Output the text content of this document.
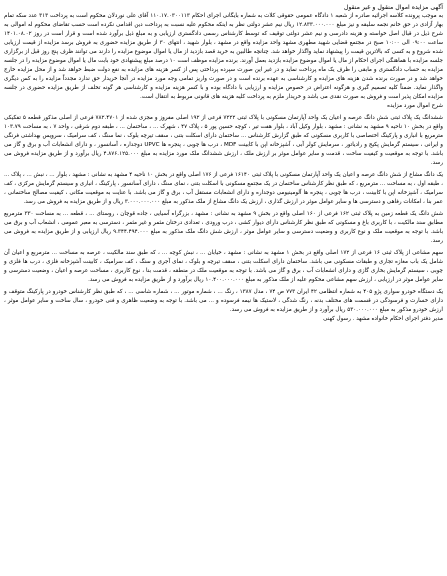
آگهی مزایده اموال منقول و غیر منقول

به موجب پرونده کلاسه اجرائیه صادره از شعبه ۱ دادگاه عمومی حقوقی کلات به شماره بایگانی اجرای احکام ۱۱۰.۱۷.۰۳۰۰۱۱۳ آقای علی نوردلان محکوم است به پرداخت ۳۱۳ عدد سکه تمام بهار آزادی در حق خانم نجمه سلیقه و نیز مبلغ ۱۲.۸۳۳.۰۰۰.۰۰۰ ریال نیم عشر دولتی نظر به اینکه محکوم علیه نسبت به پرداخت دین اقدامی نکرده است حسب تقاضای محکوم له اموالی به شرح ذیل در قبال اصل خواسته و هزینه دادرسی و نیم عشر دولتی توقیف که توسط کارشناس رسمی دادگستری ارزیابی و به مبلغ ذیل برآورد شده است و قرار است در روز ۱۴۰۱.۰۸.۰۲ ساعت ۰۹:۰۰ الی ۱۰:۰۰ صبح در مجتمع قضایی شهید مطهری مشهد واحد مزایده واقع در مشهد ، بلوار شهید ، انتهای ۳۰ از طریق مزایده حضوری به فروش برسد مزایده از قیمت ارزیابی شده شروع و به کسی که بالاترین قیمت را پیشنهاد نماید واگذار خواهد شد. چنانچه طالبین به خرید قصد بازدید از مال یا اموال موضوع مزایده را دارند می توانند ظرف پنج روز قبل از برگزاری جلسه مزایده با هماهنگی اجرای احکام از مال یا اموال موضوع مزایده بازدید بعمل آورند. برنده مزایده موظف است ۱۰ درصد مبلغ پیشنهادی خود بابت مال یا اموال موضوع مزایده را در جلسه مزایده به حساب دادگستری و مابقی را ظرف یک ماه پرداخت نماید و در غیر این صورت سپرده پرداختی پس از کسر هزینه های مزایده به نفع دولت ضبط خواهد شد و از محل مزایده خارج خواهد شد و در صورت برنده شدن هزینه های مزایده و کارشناسی به عهده برنده است و در صورت واریز تمامی وجه مورد مزایده در آنجا خریدار حق ندارد مجدداً مزایده را به کس دیگری واگذار نماید. ضمناً کلیه تصمیم گیری و هرگونه اعتراض در خصوص مزایده و ارزیابی با دادگاه بوده و با کسر هزینه مزایده و کارشناسی هر گونه تخلف از طریق مزایده حضوری در جلسه مزایده امکان پذیر است و فروش به صورت نقدی می باشد و خریدار ملزم به پرداخت کلیه هزینه های قانونی مربوط به انتقال است.

شرح اموال مورد مزایده

ششدانگ یک پلاک ثبتی شش دانگ عرصه و اعیان یک واحد آپارتمان مسکونی با پلاک ثبتی ۷۲۲۲ فرعی از ۱۹۲ اصلی مفروز و مجزی شده از ۷۸۲.۴۷۰۱ فرعی از اصلی مذکور قطعه ۵ تفکیکی واقع در بخش ۱۰ ناحیه ۹ مشهد به نشانی : مشهد ، بلوار وکیل آباد ، بلوار هفت تیر ، کوچه حسین پور ۵ ، پلاک ۴۷ ، شهرک ... ، ساختمان ... ، طبقه دوم شرقی ، واحد ۷ ، به مساحت ۱۰۳.۷۹ مترمربع با انباری و پارکینگ اختصاصی با کاربری مسکونی که طبق گزارش کارشناس ... ساختمان دارای اسکلت بتنی ، سقف تیرچه بلوک ، نما سنگ ، کف سرامیک ، سرویس بهداشتی فرنگی و ایرانی ، سیستم گرمایش پکیج و رادیاتور ، سرمایش کولر آبی ، آشپزخانه اپن با کابینت MDF ، درب ها چوبی ، پنجره ها UPVC دوجداره ، آسانسور ، و دارای انشعابات آب و برق و گاز می باشد. با توجه به موقعیت و کیفیت ساخت ، قدمت و سایر عوامل موثر بر ارزش ملک ، ارزش ششدانگ ملک مورد مزایده به مبلغ ۴.۸۷۶.۱۲۵.۰۰۰ ریال برآورد و از طریق مزایده فروش می رسد.

یک دانگ مشاع از شش دانگ عرصه و اعیان یک واحد آپارتمان مسکونی با پلاک ثبتی ۱۶۱۴۰ فرعی از ۱۷۶ اصلی واقع در بخش ۱۰ ناحیه ۴ مشهد به نشانی : مشهد ، بلوار ... ، نبش ... ، پلاک ... ، طبقه اول ، به مساحت ... مترمربع ، که طبق نظر کارشناس ساختمان در یک مجتمع مسکونی با اسکلت بتنی ، نمای سنگ ، دارای آسانسور ، پارکینگ ، انباری و سیستم گرمایش مرکزی ، کف سرامیک ، آشپزخانه اپن با کابینت ، درب ها چوبی ، پنجره ها آلومینیومی دوجداره و دارای انشعابات مستقل آب ، برق و گاز می باشد. با عنایت به موقعیت مکانی ، کیفیت مصالح ساختمانی ، عمر بنا ، امکانات رفاهی و دسترسی ها و سایر عوامل موثر در ارزش گذاری ، ارزش یک دانگ مشاع از ملک مذکور به مبلغ ۳.۰۰۰.۰۰۰.۰۰۰ ریال و از طریق مزایده به فروش می رسد.

شش دانگ یک قطعه زمین به پلاک ثبتی ۱۶۲ فرعی از ۱۶۰ اصلی واقع در بخش ۹ مشهد به نشانی : مشهد ، بزرگراه آسیایی ، جاده قوچان ، روستای ... ، قطعه ... به مساحت ۳۳۰ مترمربع مطابق سند مالکیت ، با کاربری باغ و مسکونی که طبق نظر کارشناس دارای دیوار کشی ، درب ورودی ، تعدادی درختان مثمر و غیر مثمر ، دسترسی به معبر عمومی ، انشعاب آب و برق می باشد. با توجه به موقعیت ملک و نوع کاربری و وضعیت دسترسی و سایر عوامل موثر ، ارزش شش دانگ ملک مذکور به مبلغ ۹.۳۴۴.۴۹۴.۰۰۰ ریال ارزیابی و از طریق مزایده به فروش می رسد.

سهم مشاعی از پلاک ثبتی ۱۶ فرعی از ۱۷۲ اصلی واقع در بخش ۱ مشهد به نشانی : مشهد ، خیابان ... ، نبش کوچه ... ، که طبق سند مالکیت ، عرصه به مساحت ... مترمربع و اعیان آن شامل یک باب مغازه تجاری و طبقات مسکونی می باشد. ساختمان دارای اسکلت بتنی ، سقف تیرچه و بلوک ، نمای آجری و سنگ ، کف سرامیک ، کابینت آشپزخانه فلزی ، درب ها فلزی و چوبی ، سیستم گرمایش بخاری گازی و دارای انشعابات آب ، برق و گاز می باشد. با توجه به موقعیت ملک در منطقه ، قدمت بنا ، نوع کاربری ، مساحت عرصه و اعیان ، وضعیت دسترسی و سایر عوامل موثر در ارزیابی ، ارزش سهم مشاعی محکوم علیه از ملک مذکور به مبلغ ۱۰.۴۰۰.۰۰۰.۰۰۰ ریال برآورد و از طریق مزایده به فروش می رسد.

یک دستگاه خودرو سواری پژو ۴۰۵ به شماره انتظامی ۴۲ ایران ۷۷۳ ص ۷۴ ، مدل ۱۳۸۷ ، رنگ ... ، شماره موتور ... ، شماره شاسی ... ، که طبق نظر کارشناس خودرو در پارکینگ متوقف و دارای خسارت و فرسودگی در قسمت های مختلف بدنه ، رنگ شدگی ، لاستیک ها نیمه فرسوده و ... می باشد. با توجه به وضعیت ظاهری و فنی خودرو ، سال ساخت و سایر عوامل موثر ، ارزش خودرو مذکور به مبلغ ۵۳۰.۰۰۰.۰۰۰ ریال برآورد و از طریق مزایده به فروش می رسد.

مدیر دفتر اجرای احکام خانواده مشهد . رسول کهنی
